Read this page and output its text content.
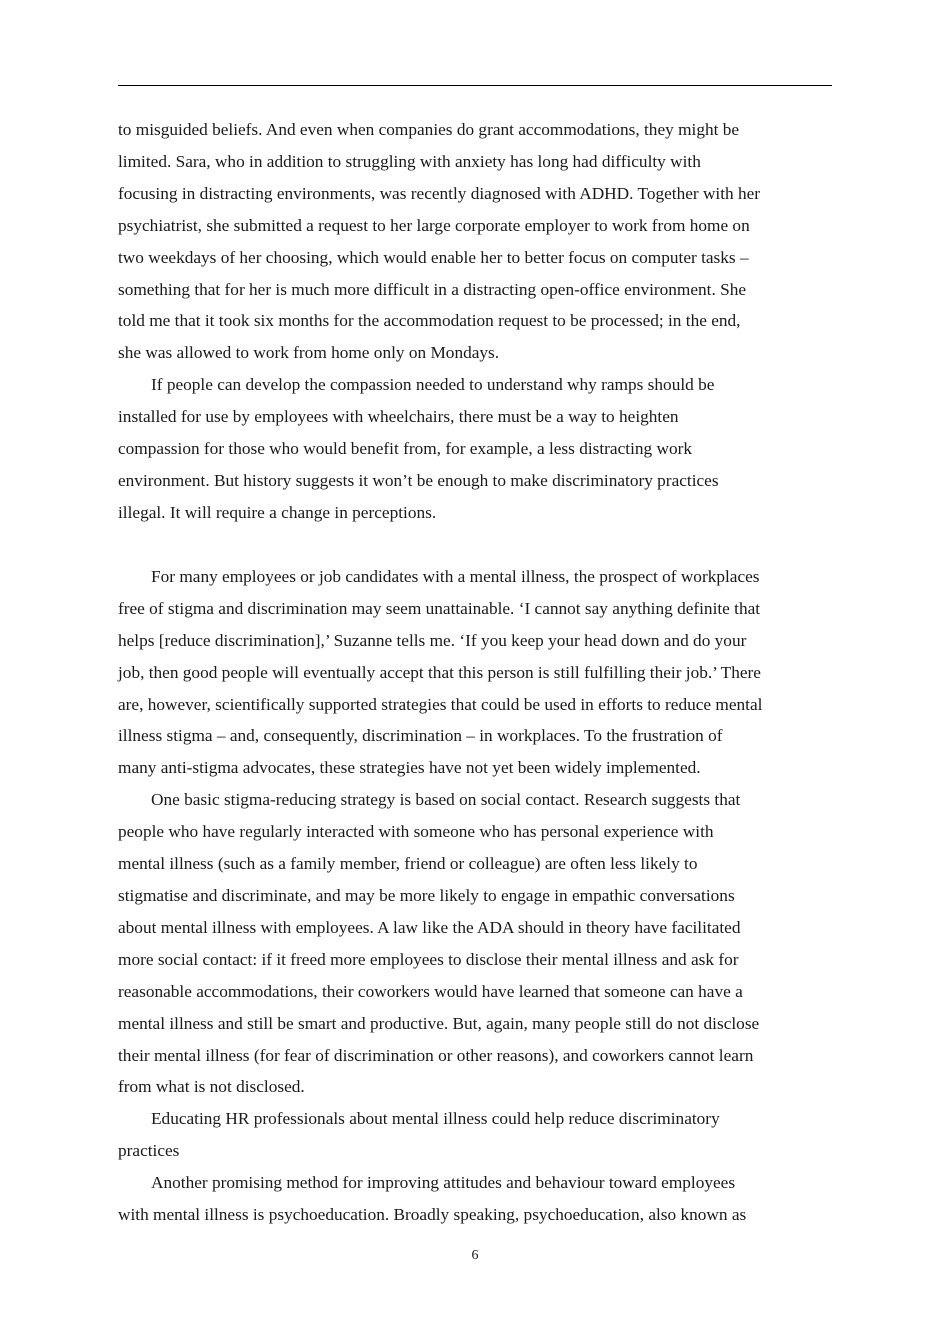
to misguided beliefs. And even when companies do grant accommodations, they might be
limited. Sara, who in addition to struggling with anxiety has long had difficulty with
focusing in distracting environments, was recently diagnosed with ADHD. Together with her
psychiatrist, she submitted a request to her large corporate employer to work from home on
two weekdays of her choosing, which would enable her to better focus on computer tasks –
something that for her is much more difficult in a distracting open-office environment. She
told me that it took six months for the accommodation request to be processed; in the end,
she was allowed to work from home only on Mondays.
If people can develop the compassion needed to understand why ramps should be
installed for use by employees with wheelchairs, there must be a way to heighten
compassion for those who would benefit from, for example, a less distracting work
environment. But history suggests it won’t be enough to make discriminatory practices
illegal. It will require a change in perceptions.
For many employees or job candidates with a mental illness, the prospect of workplaces
free of stigma and discrimination may seem unattainable. ‘I cannot say anything definite that
helps [reduce discrimination],’ Suzanne tells me. ‘If you keep your head down and do your
job, then good people will eventually accept that this person is still fulfilling their job.’ There
are, however, scientifically supported strategies that could be used in efforts to reduce mental
illness stigma – and, consequently, discrimination – in workplaces. To the frustration of
many anti-stigma advocates, these strategies have not yet been widely implemented.
One basic stigma-reducing strategy is based on social contact. Research suggests that
people who have regularly interacted with someone who has personal experience with
mental illness (such as a family member, friend or colleague) are often less likely to
stigmatise and discriminate, and may be more likely to engage in empathic conversations
about mental illness with employees. A law like the ADA should in theory have facilitated
more social contact: if it freed more employees to disclose their mental illness and ask for
reasonable accommodations, their coworkers would have learned that someone can have a
mental illness and still be smart and productive. But, again, many people still do not disclose
their mental illness (for fear of discrimination or other reasons), and coworkers cannot learn
from what is not disclosed.
Educating HR professionals about mental illness could help reduce discriminatory
practices
Another promising method for improving attitudes and behaviour toward employees
with mental illness is psychoeducation. Broadly speaking, psychoeducation, also known as
6
